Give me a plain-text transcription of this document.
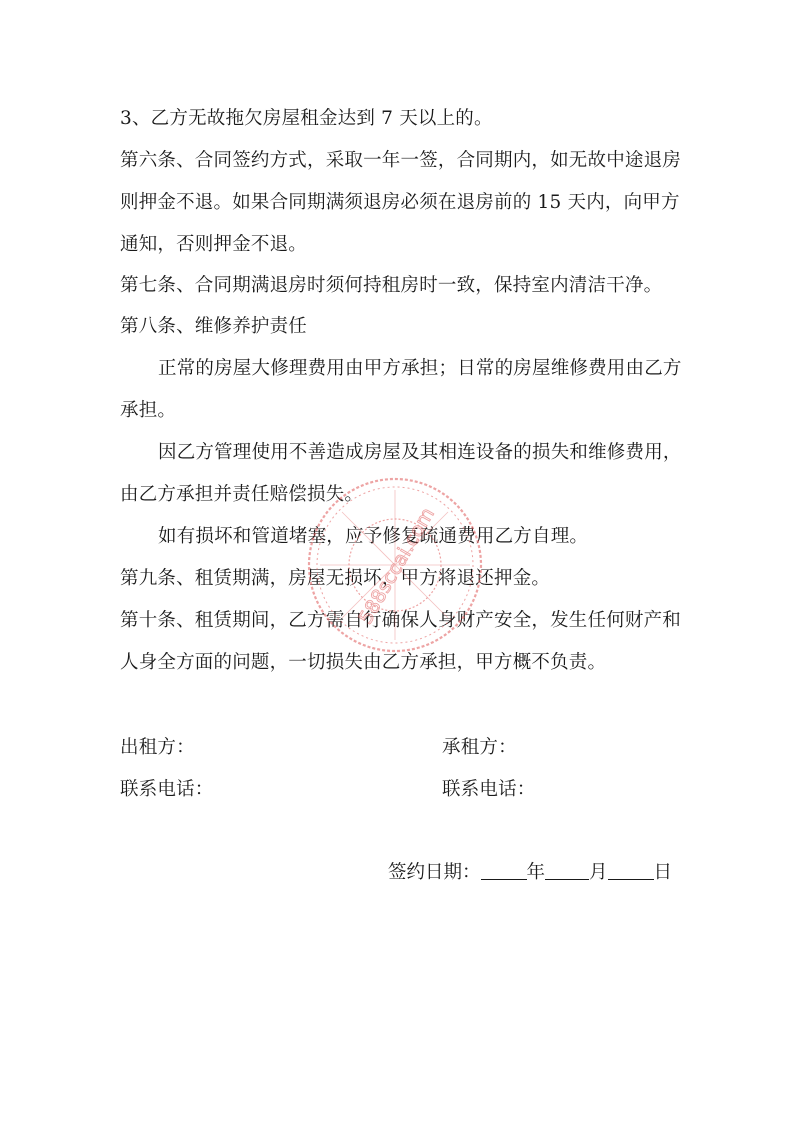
3、乙方无故拖欠房屋租金达到 7 天以上的。
第六条、合同签约方式，采取一年一签，合同期内，如无故中途退房
则押金不退。如果合同期满须退房必须在退房前的 15 天内，向甲方
通知，否则押金不退。
第七条、合同期满退房时须何持租房时一致，保持室内清洁干净。
第八条、维修养护责任
正常的房屋大修理费用由甲方承担；日常的房屋维修费用由乙方
承担。
因乙方管理使用不善造成房屋及其相连设备的损失和维修费用，
由乙方承担并责任赔偿损失。
如有损坏和管道堵塞，应予修复疏通费用乙方自理。
第九条、租赁期满，房屋无损坏，甲方将退还押金。
第十条、租赁期间，乙方需自行确保人身财产安全，发生任何财产和
人身全方面的问题，一切损失由乙方承担，甲方概不负责。
出租方：	承租方：
联系电话：	联系电话：
签约日期： 年 月 日
588sccai.com
